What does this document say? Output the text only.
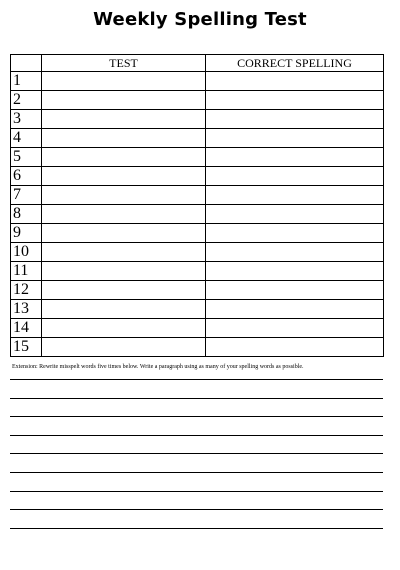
Weekly Spelling Test
	TEST	CORRECT SPELLING
1		
2		
3		
4		
5		
6		
7		
8		
9		
10		
11		
12		
13		
14		
15		
Extension: Rewrite misspelt words five times below. Write a paragraph using as many of your spelling words as possible.
